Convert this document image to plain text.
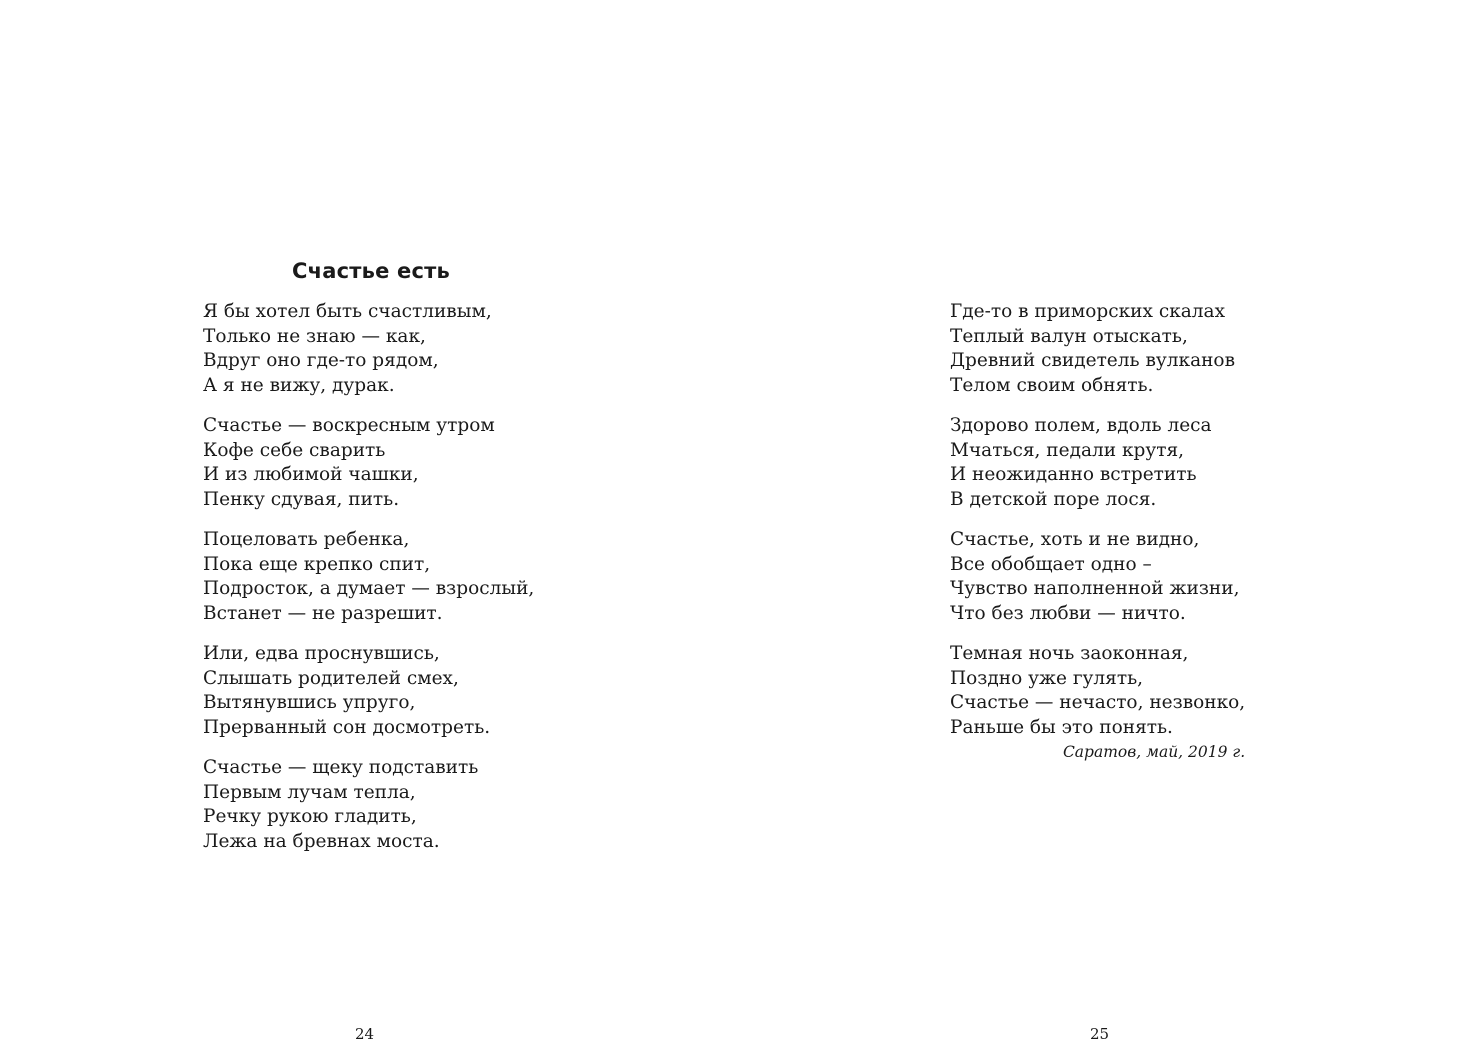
Счастье есть
Я бы хотел быть счастливым,
Только не знаю — как,
Вдруг оно где-то рядом,
А я не вижу, дурак.
Счастье — воскресным утром
Кофе себе сварить
И из любимой чашки,
Пенку сдувая, пить.
Поцеловать ребенка,
Пока еще крепко спит,
Подросток, а думает — взрослый,
Встанет — не разрешит.
Или, едва проснувшись,
Слышать родителей смех,
Вытянувшись упруго,
Прерванный сон досмотреть.
Счастье — щеку подставить
Первым лучам тепла,
Речку рукою гладить,
Лежа на бревнах моста.
24
Где-то в приморских скалах
Теплый валун отыскать,
Древний свидетель вулканов
Телом своим обнять.
Здорово полем, вдоль леса
Мчаться, педали крутя,
И неожиданно встретить
В детской поре лося.
Счастье, хоть и не видно,
Все обобщает одно –
Чувство наполненной жизни,
Что без любви — ничто.
Темная ночь заоконная,
Поздно уже гулять,
Счастье — нечасто, незвонко,
Раньше бы это понять.
Саратов, май, 2019 г.
25
